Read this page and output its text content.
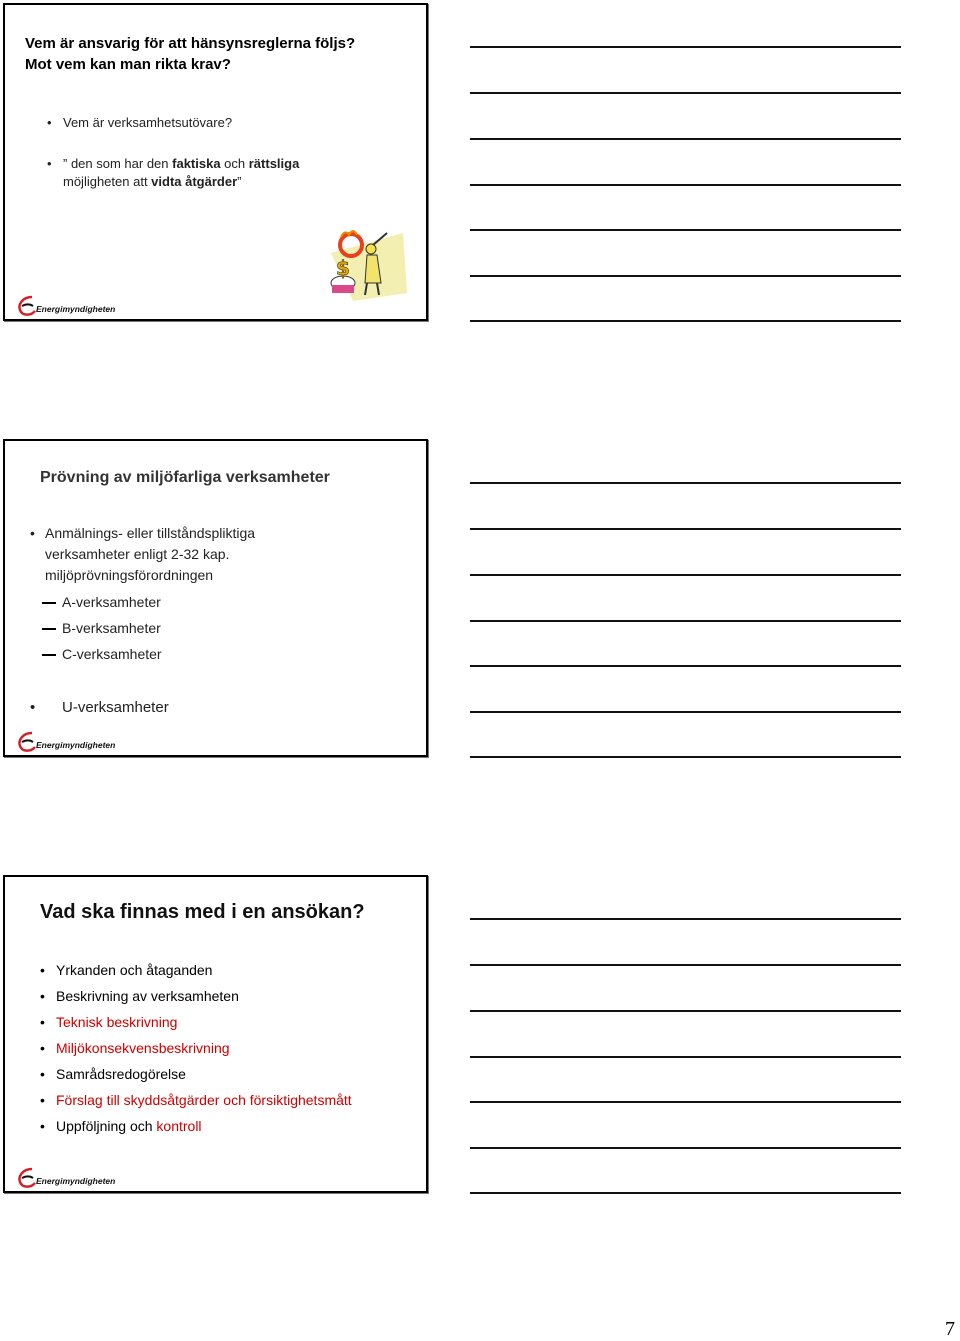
Vem är ansvarig för att hänsynsreglerna följs?
Mot vem kan man rikta krav?
• Vem är verksamhetsutövare?
• ” den som har den faktiska och rättsliga
möjligheten att vidta åtgärder”
$
Energimyndigheten
Prövning av miljöfarliga verksamheter
• Anmälnings- eller tillståndspliktiga
verksamheter enligt 2-32 kap.
miljöprövningsförordningen
A-verksamheter
B-verksamheter
C-verksamheter
• U-verksamheter
Energimyndigheten
Vad ska finnas med i en ansökan?
• Yrkanden och åtaganden
• Beskrivning av verksamheten
• Teknisk beskrivning
• Miljökonsekvensbeskrivning
• Samrådsredogörelse
• Förslag till skyddsåtgärder och försiktighetsmått
• Uppföljning och kontroll
Energimyndigheten
7
